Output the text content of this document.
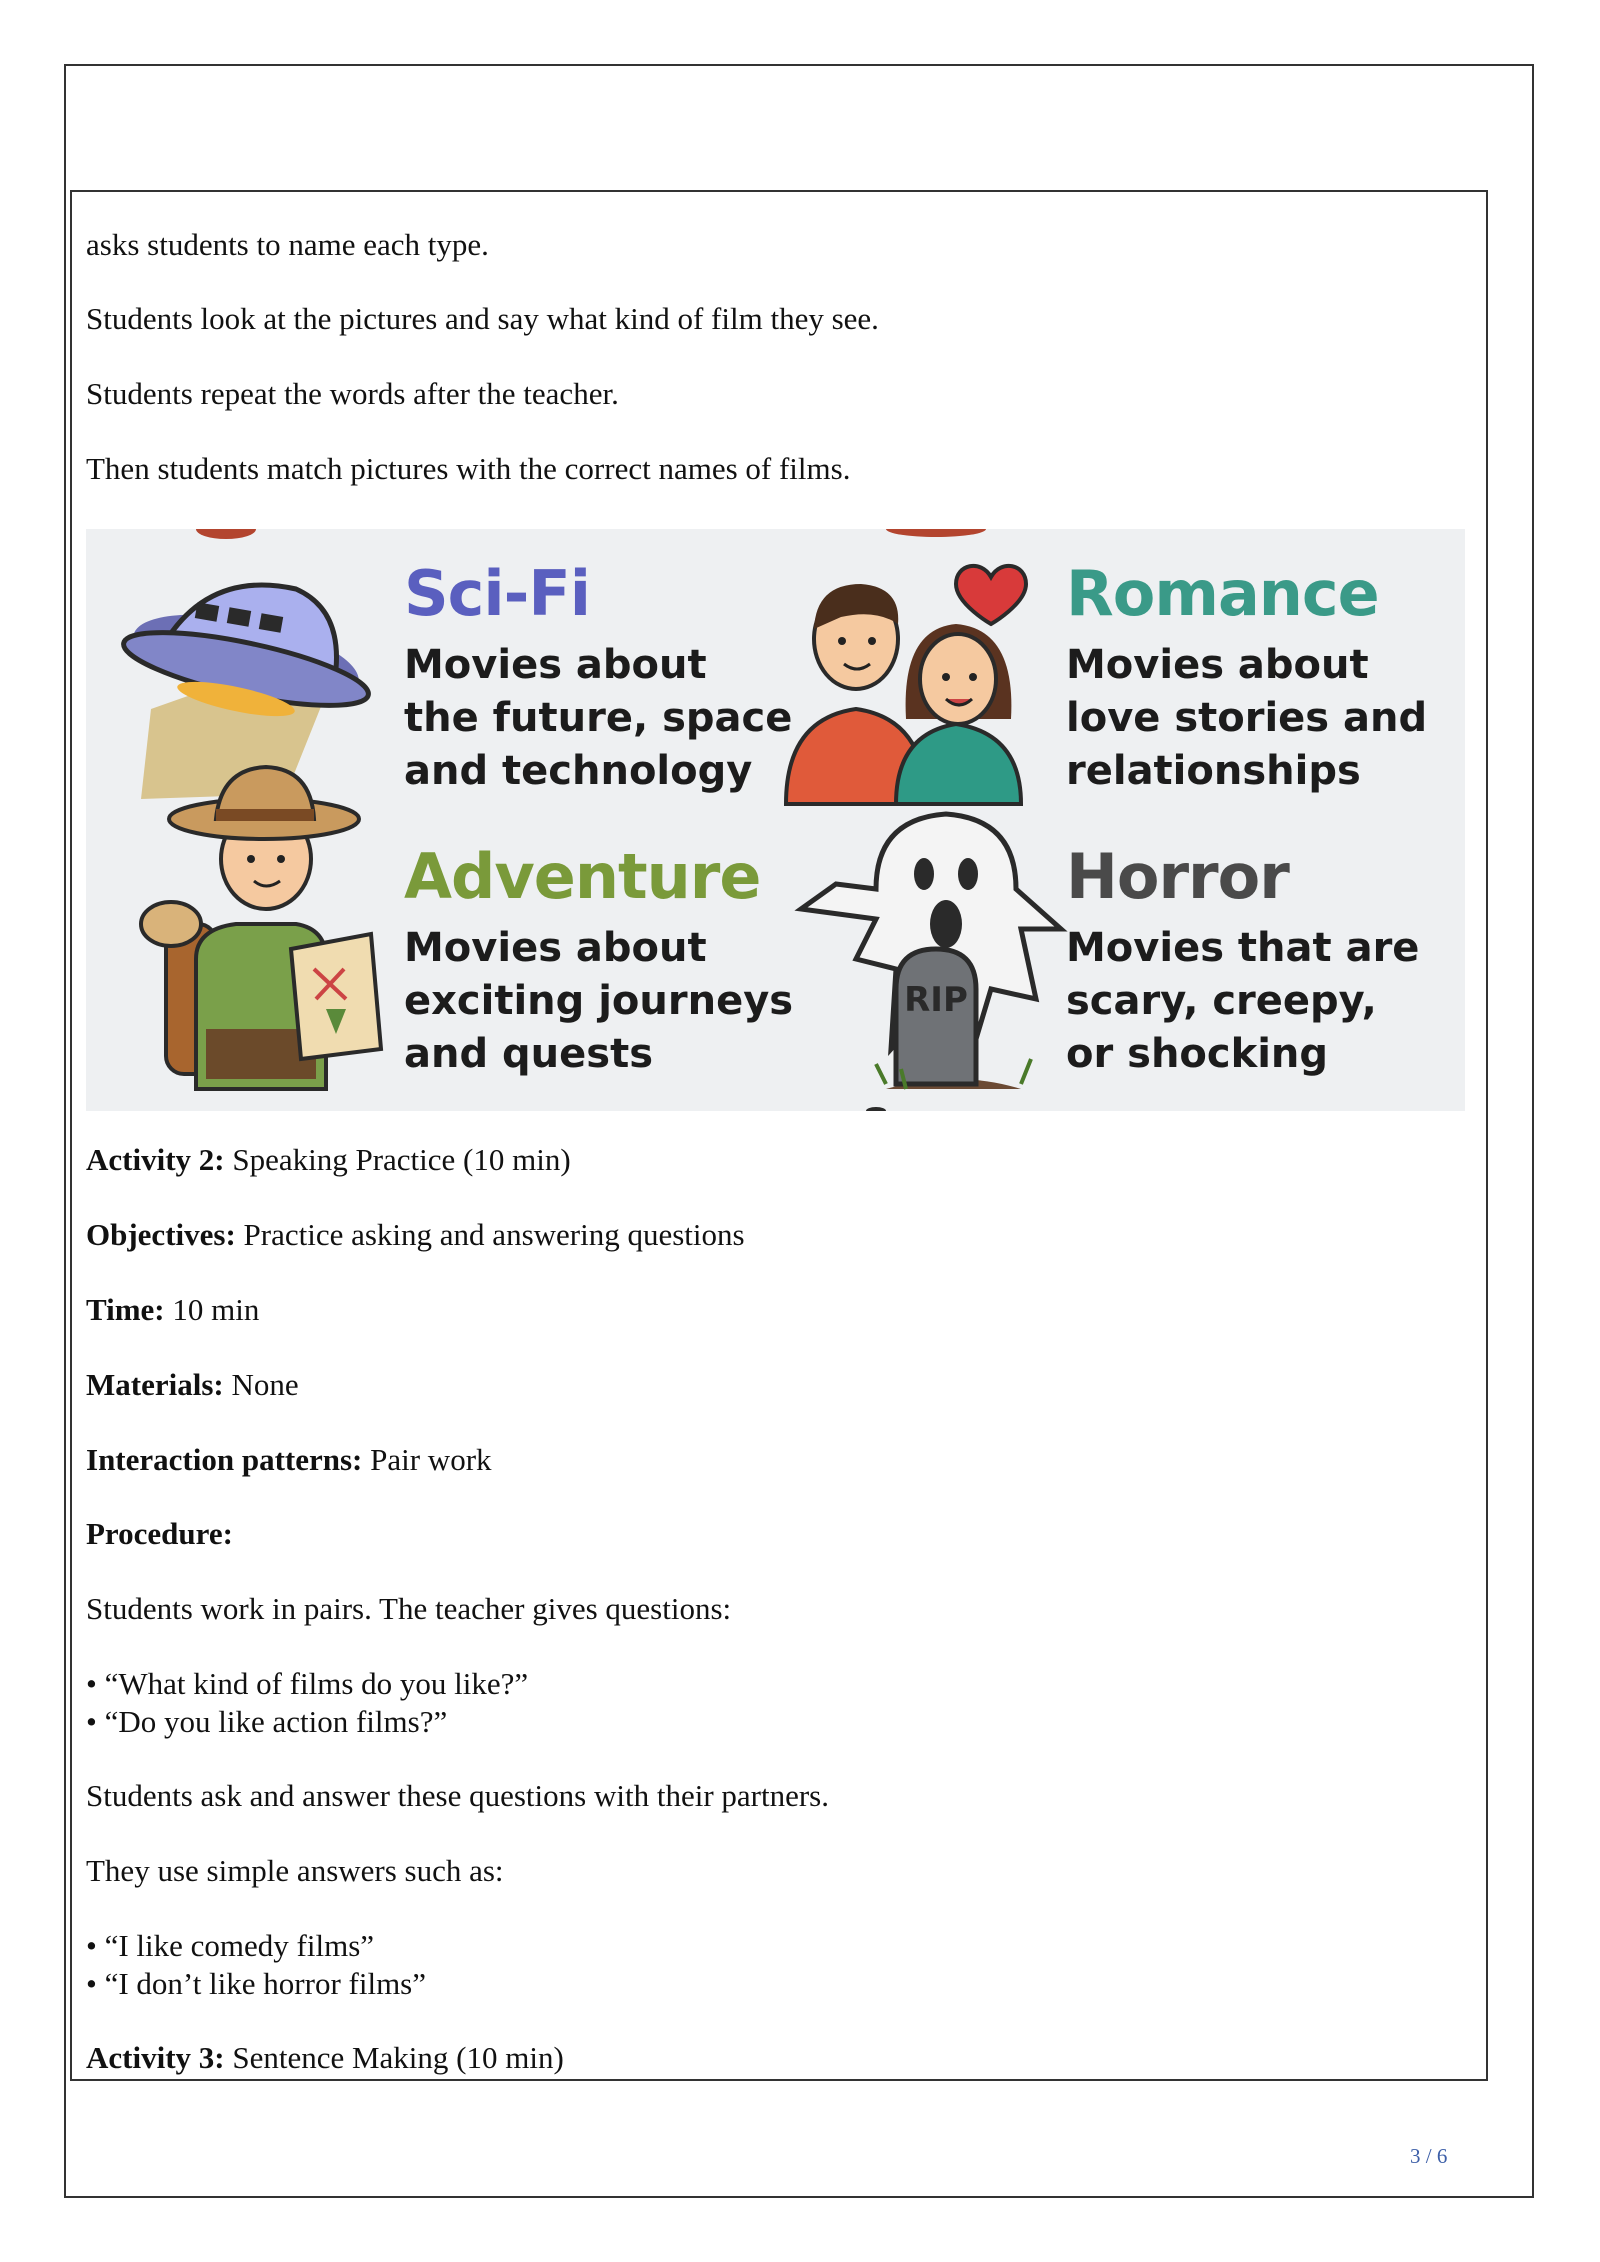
asks students to name each type.
Students look at the pictures and say what kind of film they see.
Students repeat the words after the teacher.
Then students match pictures with the correct names of films.
RIP
Sci-Fi
Movies about
the future, space
and technology
Romance
Movies about
love stories and
relationships
Adventure
Movies about
exciting journeys
and quests
Horror
Movies that are
scary, creepy,
or shocking
Activity 2: Speaking Practice (10 min)
Objectives: Practice asking and answering questions
Time: 10 min
Materials: None
Interaction patterns: Pair work
Procedure:
Students work in pairs. The teacher gives questions:
• “What kind of films do you like?”
• “Do you like action films?”
Students ask and answer these questions with their partners.
They use simple answers such as:
• “I like comedy films”
• “I don’t like horror films”
Activity 3: Sentence Making (10 min)
3 / 6
